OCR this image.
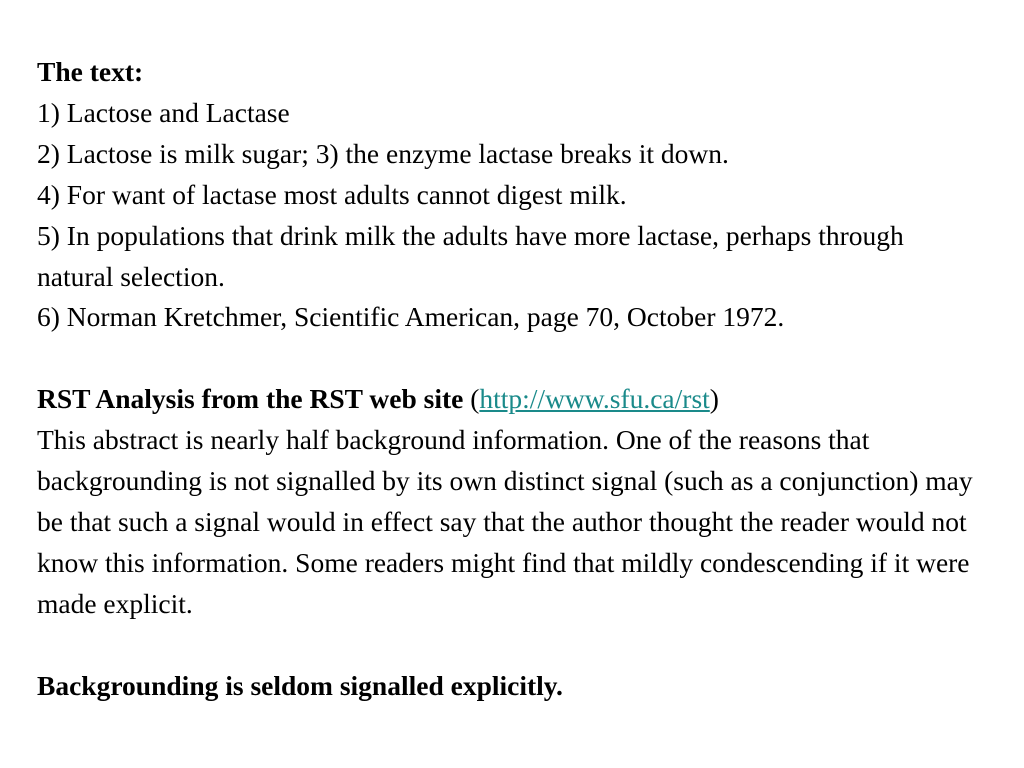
The text:
1) Lactose and Lactase
2) Lactose is milk sugar; 3) the enzyme lactase breaks it down.
4) For want of lactase most adults cannot digest milk.
5) In populations that drink milk the adults have more lactase, perhaps through natural selection.
6) Norman Kretchmer, Scientific American, page 70, October 1972.
RST Analysis from the RST web site (http://www.sfu.ca/rst)
This abstract is nearly half background information. One of the reasons that backgrounding is not signalled by its own distinct signal (such as a conjunction) may be that such a signal would in effect say that the author thought the reader would not know this information. Some readers might find that mildly condescending if it were made explicit.
Backgrounding is seldom signalled explicitly.
